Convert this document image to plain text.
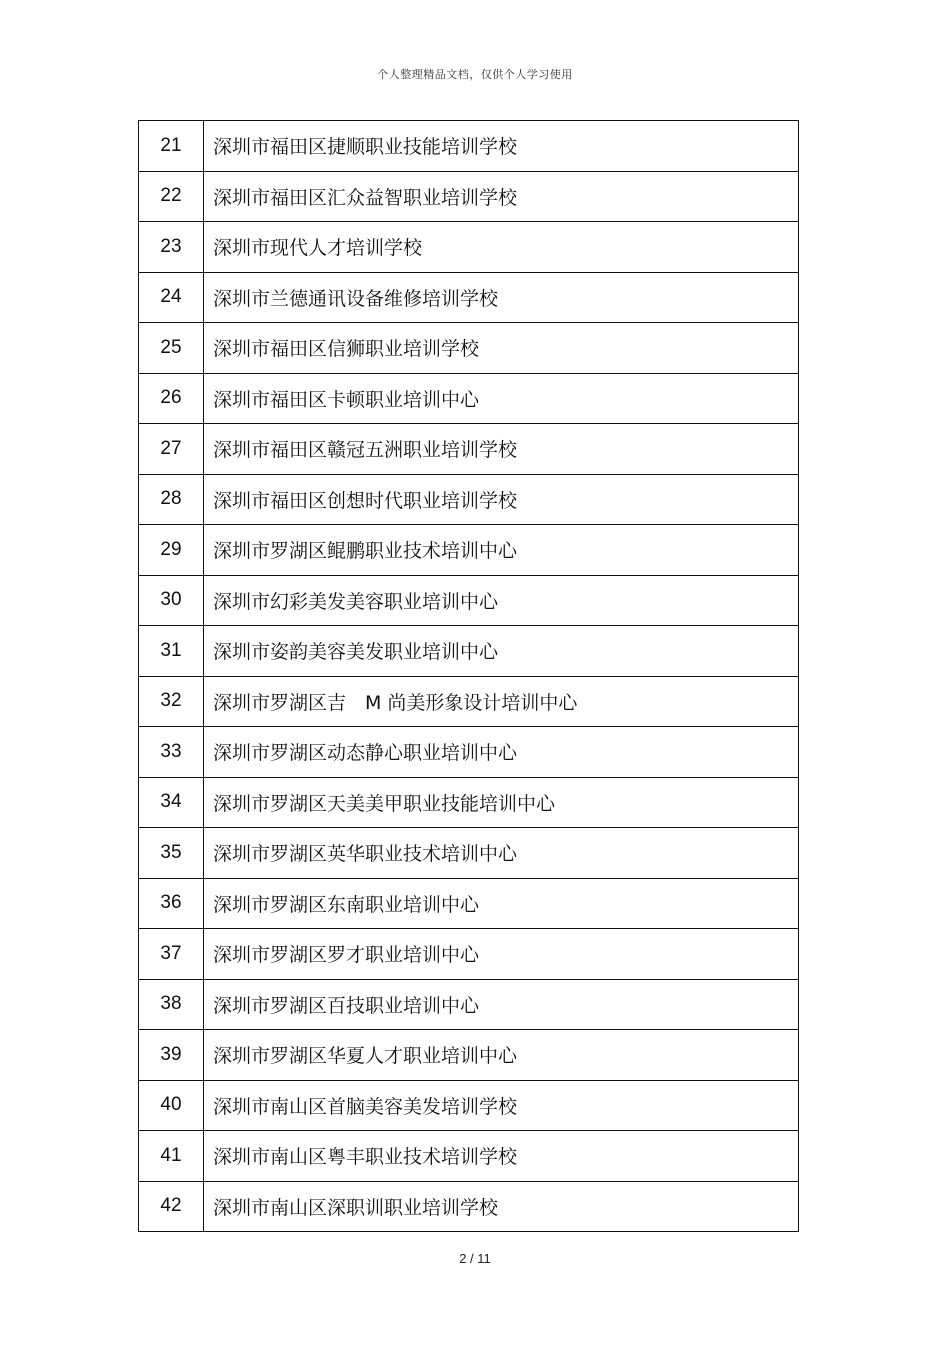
个人整理精品文档，仅供个人学习使用
21	深圳市福田区捷顺职业技能培训学校
22	深圳市福田区汇众益智职业培训学校
23	深圳市现代人才培训学校
24	深圳市兰德通讯设备维修培训学校
25	深圳市福田区信狮职业培训学校
26	深圳市福田区卡顿职业培训中心
27	深圳市福田区赣冠五洲职业培训学校
28	深圳市福田区创想时代职业培训学校
29	深圳市罗湖区鲲鹏职业技术培训中心
30	深圳市幻彩美发美容职业培训中心
31	深圳市姿韵美容美发职业培训中心
32	深圳市罗湖区吉　M 尚美形象设计培训中心
33	深圳市罗湖区动态静心职业培训中心
34	深圳市罗湖区天美美甲职业技能培训中心
35	深圳市罗湖区英华职业技术培训中心
36	深圳市罗湖区东南职业培训中心
37	深圳市罗湖区罗才职业培训中心
38	深圳市罗湖区百技职业培训中心
39	深圳市罗湖区华夏人才职业培训中心
40	深圳市南山区首脑美容美发培训学校
41	深圳市南山区粤丰职业技术培训学校
42	深圳市南山区深职训职业培训学校
2 / 11
